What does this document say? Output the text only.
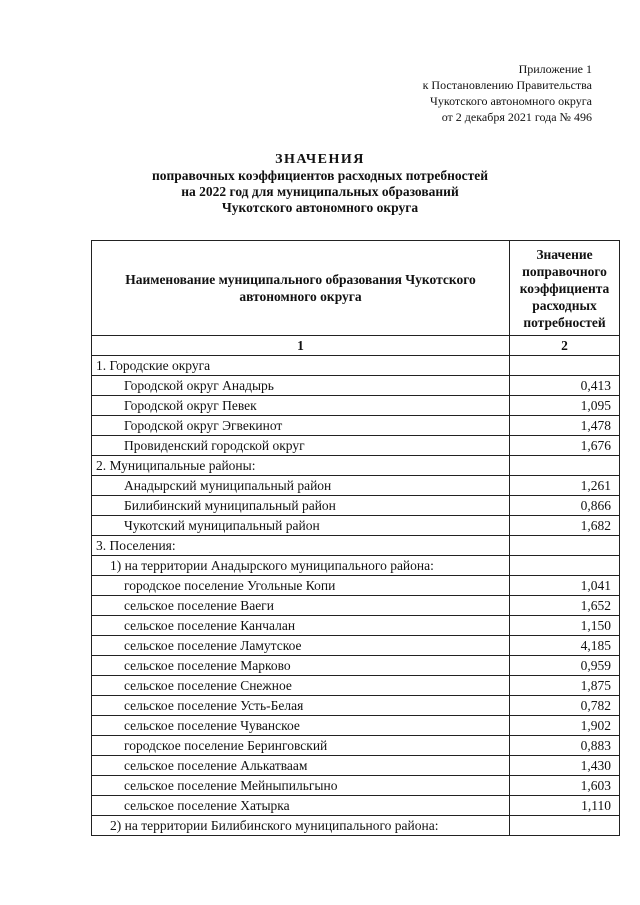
Приложение 1
к Постановлению Правительства
Чукотского автономного округа
от 2 декабря 2021 года № 496
ЗНАЧЕНИЯ
поправочных коэффициентов расходных потребностей
на 2022 год для муниципальных образований
Чукотского автономного округа
Наименование муниципального образования Чукотского автономного округа	Значение поправочного коэффициента расходных потребностей
1	2
1. Городские округа	
Городской округ Анадырь	0,413
Городской округ Певек	1,095
Городской округ Эгвекинот	1,478
Провиденский городской округ	1,676
2. Муниципальные районы:	
Анадырский муниципальный район	1,261
Билибинский муниципальный район	0,866
Чукотский муниципальный район	1,682
3. Поселения:	
1) на территории Анадырского муниципального района:	
городское поселение Угольные Копи	1,041
сельское поселение Ваеги	1,652
сельское поселение Канчалан	1,150
сельское поселение Ламутское	4,185
сельское поселение Марково	0,959
сельское поселение Снежное	1,875
сельское поселение Усть-Белая	0,782
сельское поселение Чуванское	1,902
городское поселение Беринговский	0,883
сельское поселение Алькатваам	1,430
сельское поселение Мейныпильгыно	1,603
сельское поселение Хатырка	1,110
2) на территории Билибинского муниципального района:	
